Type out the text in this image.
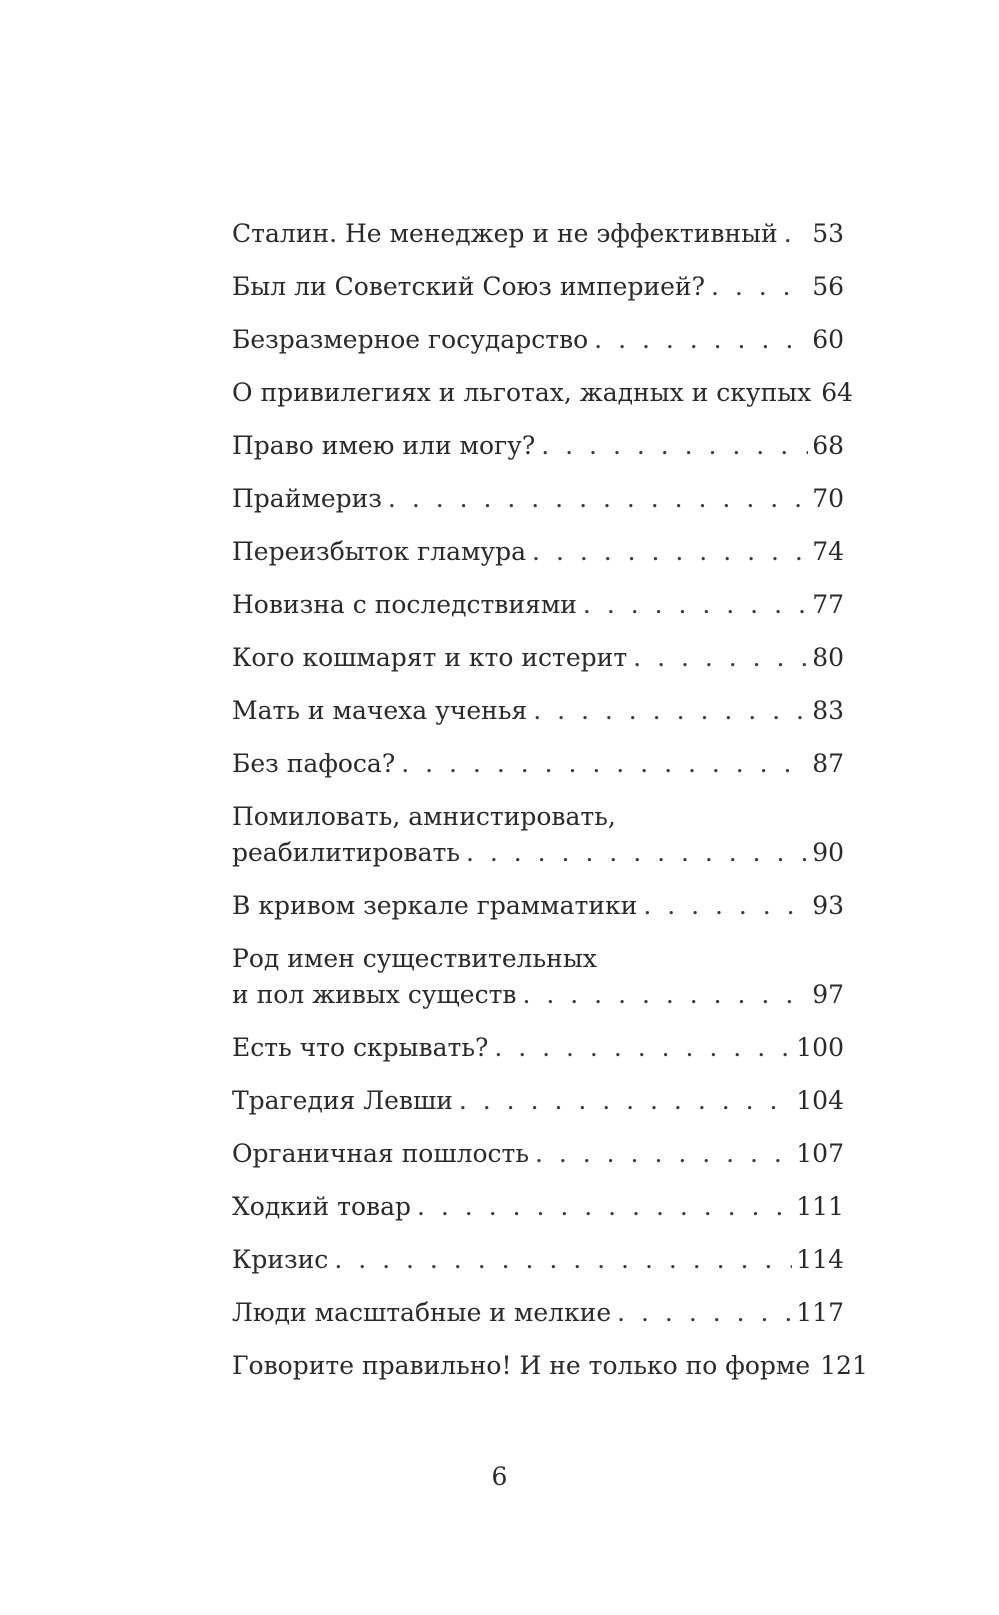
Сталин. Не менеджер и не эффективный . . . 53
Был ли Советский Союз империей? . . .	56
Безразмерное государство . . .	60
О привилегиях и льготах, жадных и скупых . . . 64
Право имею или могу? . . .	68
Праймериз . . .	70
Переизбыток гламура . . .	74
Новизна с последствиями . . .	77
Кого кошмарят и кто истерит . . .	80
Мать и мачеха ученья . . .	83
Без пафоса? . . .	87
Помиловать, амнистировать,
реабилитировать . . .	90
В кривом зеркале грамматики . . .	93
Род имен существительных
и пол живых существ . . .	97
Есть что скрывать? . . .	100
Трагедия Левши . . .	104
Органичная пошлость . . .	107
Ходкий товар . . .	111
Кризис . . .	114
Люди масштабные и мелкие . . .	117
Говорите правильно! И не только по форме . . . 121
6
